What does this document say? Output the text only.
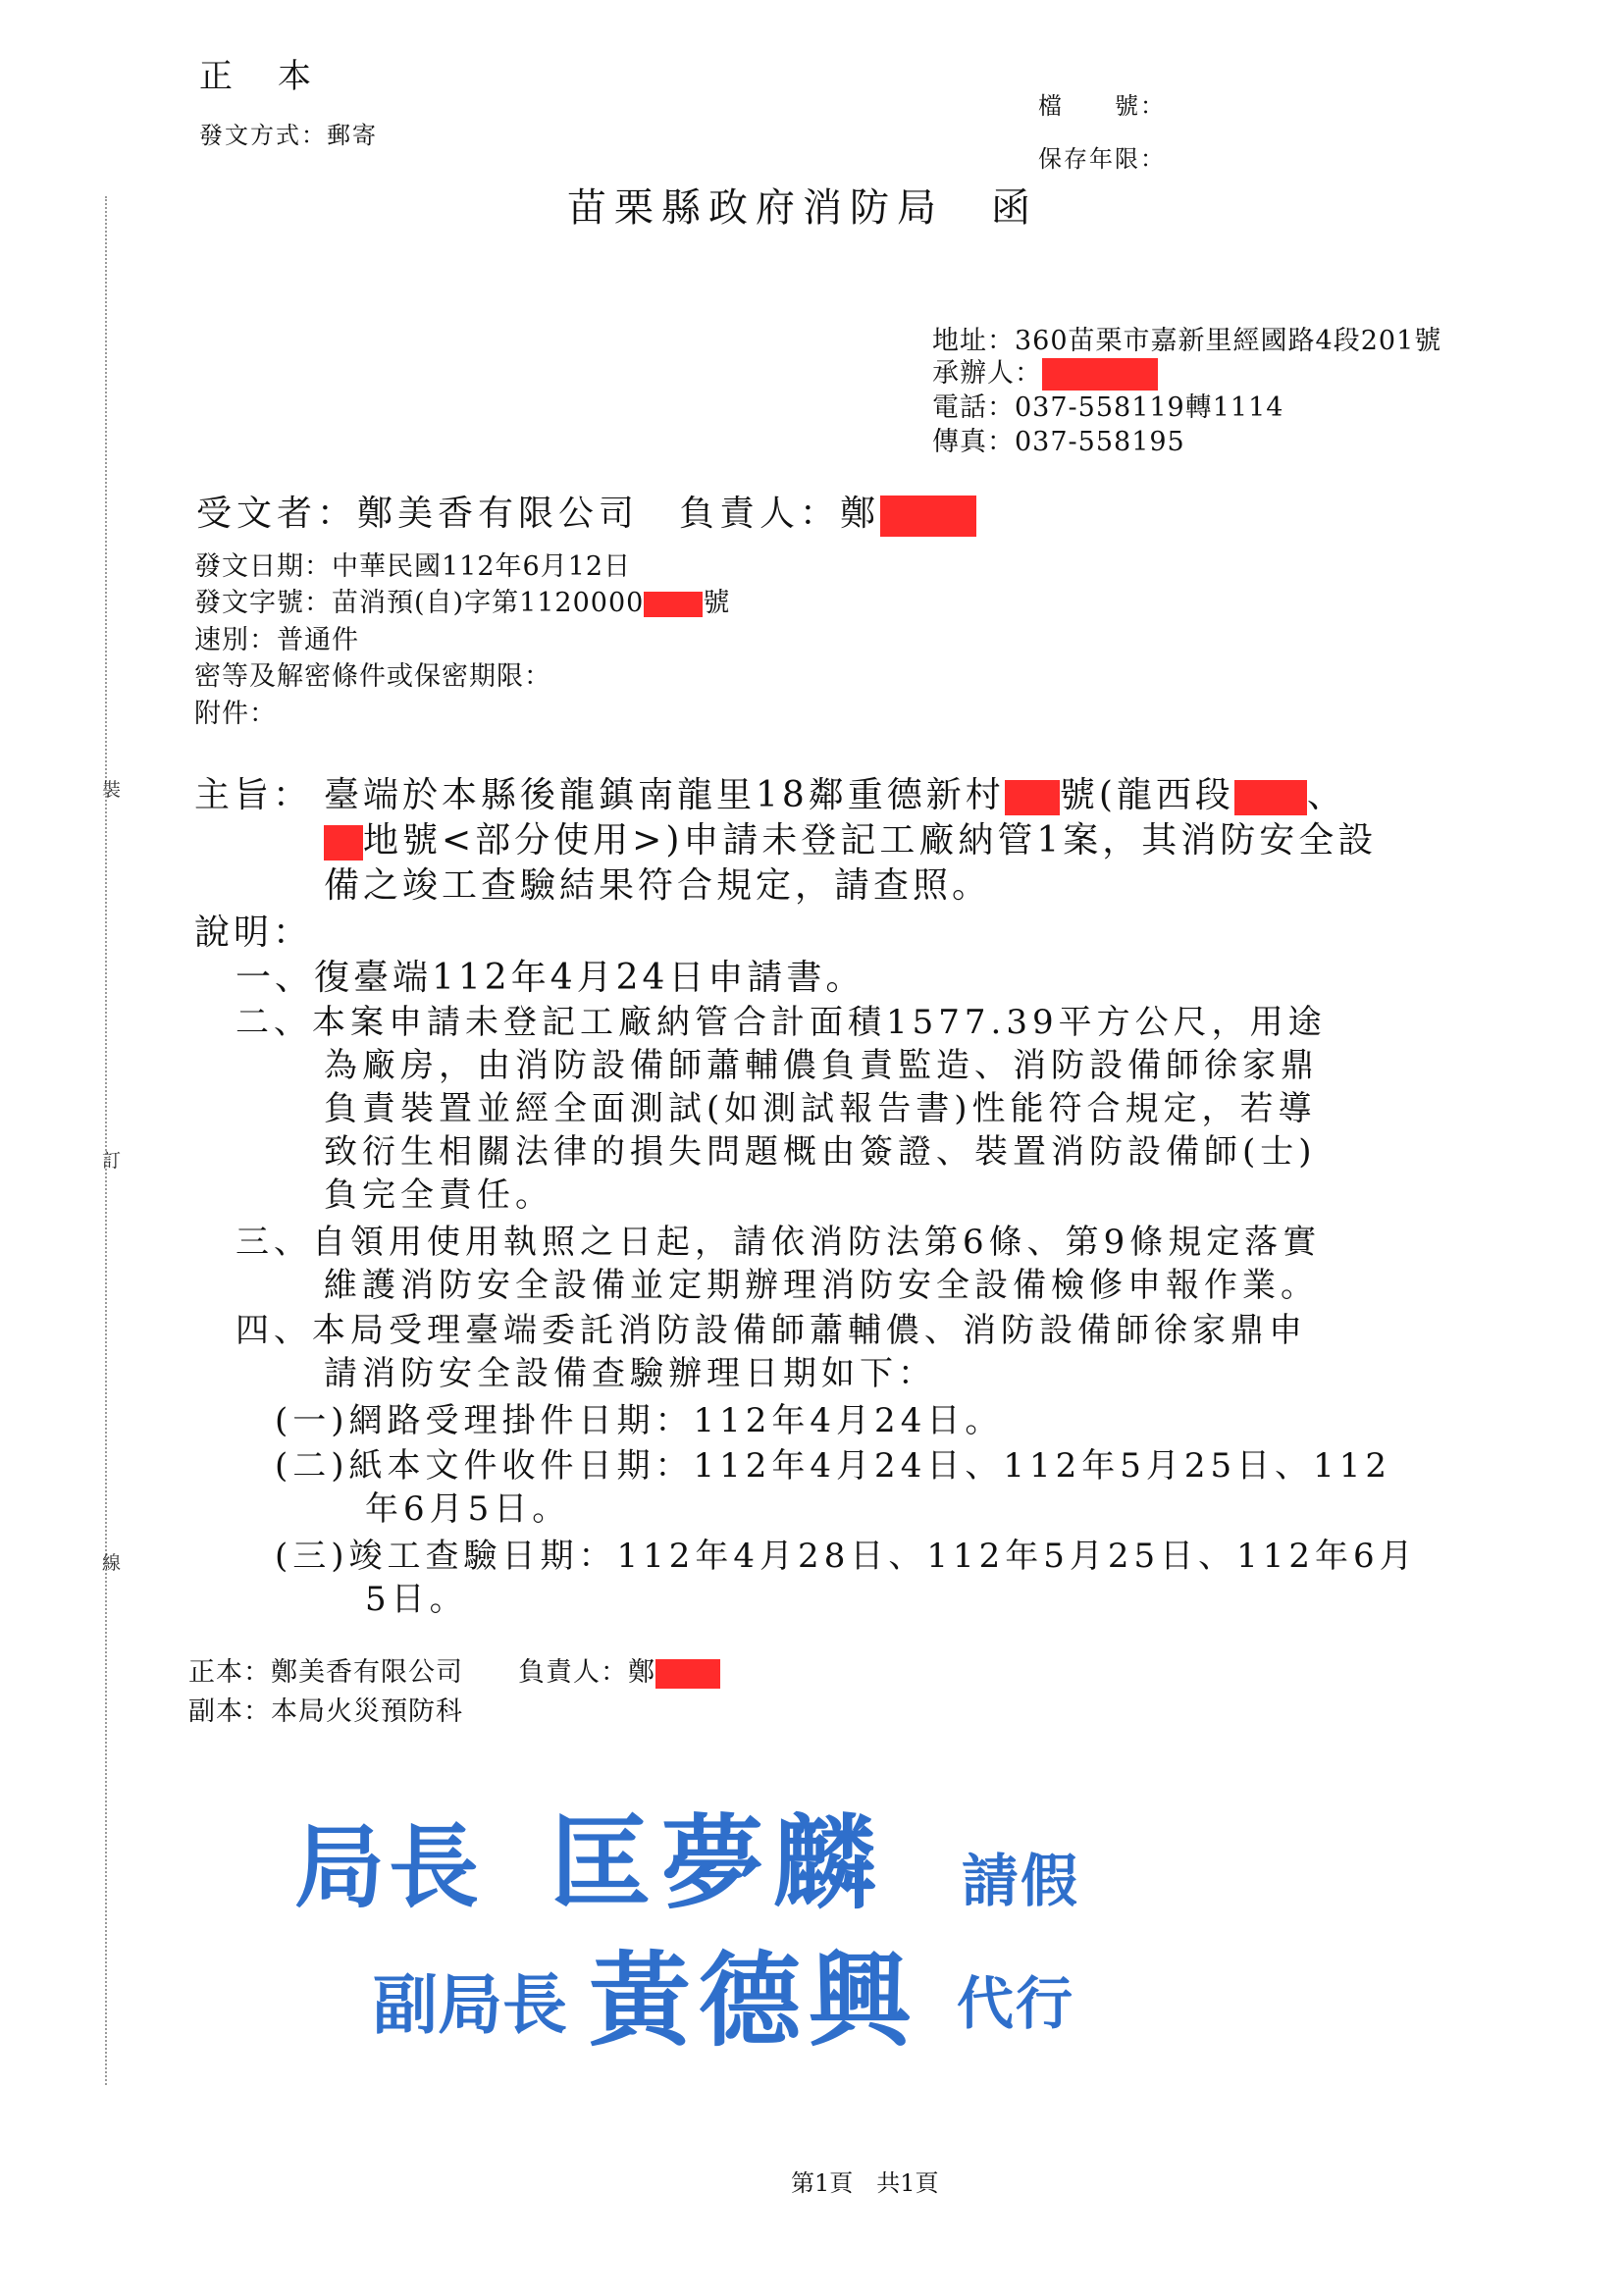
正　本
發文方式：郵寄
檔　　號：
保存年限：
苗栗縣政府消防局　函
地址：360苗栗市嘉新里經國路4段201號
承辦人：
電話：037-558119轉1114
傳真：037-558195
裝
訂
線
受文者：鄭美香有限公司　負責人：鄭
發文日期：中華民國112年6月12日
發文字號：苗消預(自)字第1120000 號
速別：普通件
密等及解密條件或保密期限：
附件：
主旨： 臺端於本縣後龍鎮南龍里18鄰重德新村 號(龍西段 、
地號<部分使用>)申請未登記工廠納管1案，其消防安全設
備之竣工查驗結果符合規定，請查照。
說明：
一、復臺端112年4月24日申請書。
二、本案申請未登記工廠納管合計面積1577.39平方公尺，用途
為廠房，由消防設備師蕭輔儂負責監造、消防設備師徐家鼎
負責裝置並經全面測試(如測試報告書)性能符合規定，若導
致衍生相關法律的損失問題概由簽證、裝置消防設備師(士)
負完全責任。
三、自領用使用執照之日起，請依消防法第6條、第9條規定落實
維護消防安全設備並定期辦理消防安全設備檢修申報作業。
四、本局受理臺端委託消防設備師蕭輔儂、消防設備師徐家鼎申
請消防安全設備查驗辦理日期如下：
(一)網路受理掛件日期：112年4月24日。
(二)紙本文件收件日期：112年4月24日、112年5月25日、112
年6月5日。
(三)竣工查驗日期：112年4月28日、112年5月25日、112年6月
5日。
正本：鄭美香有限公司　　負責人：鄭
副本：本局火災預防科
局長 匡夢麟 請假
副局長 黃德興 代行
第1頁　共1頁
